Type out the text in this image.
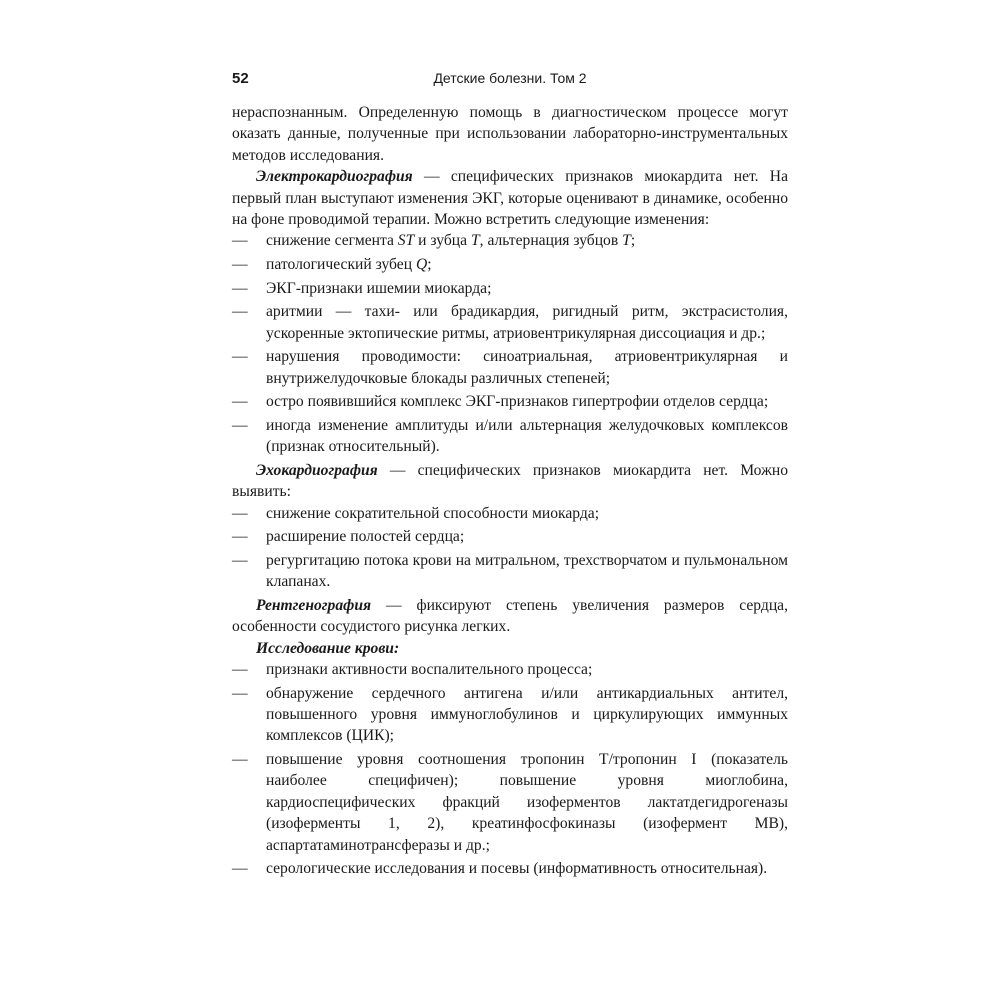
52	Детские болезни. Том 2

нераспознанным. Определенную помощь в диагностическом процессе могут оказать данные, полученные при использовании лабораторно-инструментальных методов исследования.

Электрокардиография — специфических признаков миокардита нет. На первый план выступают изменения ЭКГ, которые оценивают в динамике, особенно на фоне проводимой терапии. Можно встретить следующие изменения:

—	снижение сегмента ST и зубца T, альтернация зубцов T;
—	патологический зубец Q;
—	ЭКГ-признаки ишемии миокарда;
—	аритмии — тахи- или брадикардия, ригидный ритм, экстрасистолия, ускоренные эктопические ритмы, атриовентрикулярная диссоциация и др.;
—	нарушения проводимости: синоатриальная, атриовентрикулярная и внутрижелудочковые блокады различных степеней;
—	остро появившийся комплекс ЭКГ-признаков гипертрофии отделов сердца;
—	иногда изменение амплитуды и/или альтернация желудочковых комплексов (признак относительный).

Эхокардиография — специфических признаков миокардита нет. Можно выявить:

—	снижение сократительной способности миокарда;
—	расширение полостей сердца;
—	регургитацию потока крови на митральном, трехстворчатом и пульмональном клапанах.

Рентгенография — фиксируют степень увеличения размеров сердца, особенности сосудистого рисунка легких.

Исследование крови:

—	признаки активности воспалительного процесса;
—	обнаружение сердечного антигена и/или антикардиальных антител, повышенного уровня иммуноглобулинов и циркулирующих иммунных комплексов (ЦИК);
—	повышение уровня соотношения тропонин T/тропонин I (показатель наиболее специфичен); повышение уровня миоглобина, кардиоспецифических фракций изоферментов лактатдегидрогеназы (изоферменты 1, 2), креатинфосфокиназы (изофермент MB), аспартатаминотрансферазы и др.;
—	серологические исследования и посевы (информативность относительная).
